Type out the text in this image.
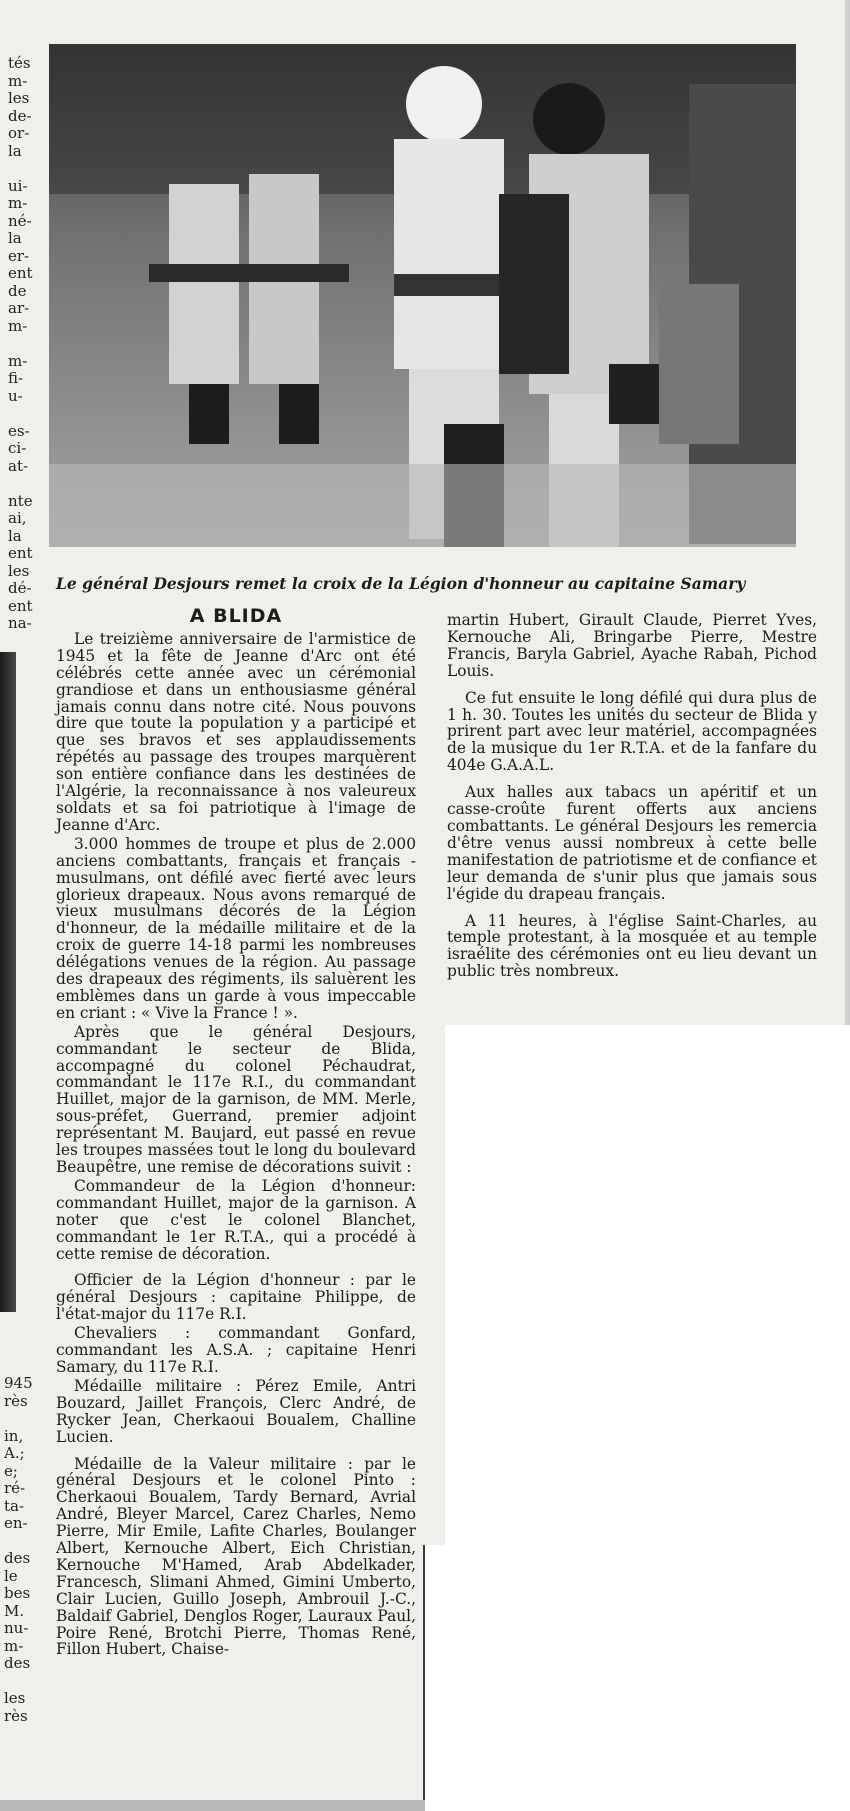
tés
m-
les
de-
or-
la

ui-
m-
né-
la
er-
ent
de
ar-
m-

m-
fi-
u-

es-
ci-
at-

nte
ai,
la
ent
les
dé-
ent
na-
945
rès

in,
A.;
e;
ré-
ta-
en-

des
le
bes
M.
nu-
m-
des

les
rès
Le général Desjours remet la croix de la Légion d'honneur au capitaine Samary
A BLIDA

Le treizième anniversaire de l'armistice de 1945 et la fête de Jeanne d'Arc ont été célébrés cette année avec un cérémonial grandiose et dans un enthousiasme général jamais connu dans notre cité. Nous pouvons dire que toute la population y a participé et que ses bravos et ses applaudissements répétés au passage des troupes marquèrent son entière confiance dans les destinées de l'Algérie, la reconnaissance à nos valeureux soldats et sa foi patriotique à l'image de Jeanne d'Arc.

3.000 hommes de troupe et plus de 2.000 anciens combattants, français et français - musulmans, ont défilé avec fierté avec leurs glorieux drapeaux. Nous avons remarqué de vieux musulmans décorés de la Légion d'honneur, de la médaille militaire et de la croix de guerre 14-18 parmi les nombreuses délégations venues de la région. Au passage des drapeaux des régiments, ils saluèrent les emblèmes dans un garde à vous impeccable en criant : « Vive la France ! ».

Après que le général Desjours, commandant le secteur de Blida, accompagné du colonel Péchaudrat, commandant le 117e R.I., du commandant Huillet, major de la garnison, de MM. Merle, sous-préfet, Guerrand, premier adjoint représentant M. Baujard, eut passé en revue les troupes massées tout le long du boulevard Beaupêtre, une remise de décorations suivit :

Commandeur de la Légion d'honneur: commandant Huillet, major de la garnison. A noter que c'est le colonel Blanchet, commandant le 1er R.T.A., qui a procédé à cette remise de décoration.

Officier de la Légion d'honneur : par le général Desjours : capitaine Philippe, de l'état-major du 117e R.I.

Chevaliers : commandant Gonfard, commandant les A.S.A. ; capitaine Henri Samary, du 117e R.I.

Médaille militaire : Pérez Emile, Antri Bouzard, Jaillet François, Clerc André, de Rycker Jean, Cherkaoui Boualem, Challine Lucien.

Médaille de la Valeur militaire : par le général Desjours et le colonel Pinto : Cherkaoui Boualem, Tardy Bernard, Avrial André, Bleyer Marcel, Carez Charles, Nemo Pierre, Mir Emile, Lafite Charles, Boulanger Albert, Kernouche Albert, Eich Christian, Kernouche M'Hamed, Arab Abdelkader, Francesch, Slimani Ahmed, Gimini Umberto, Clair Lucien, Guillo Joseph, Ambrouil J.-C., Baldaif Gabriel, Denglos Roger, Lauraux Paul, Poire René, Brotchi Pierre, Thomas René, Fillon Hubert, Chaise-

martin Hubert, Girault Claude, Pierret Yves, Kernouche Ali, Bringarbe Pierre, Mestre Francis, Baryla Gabriel, Ayache Rabah, Pichod Louis.

Ce fut ensuite le long défilé qui dura plus de 1 h. 30. Toutes les unités du secteur de Blida y prirent part avec leur matériel, accompagnées de la musique du 1er R.T.A. et de la fanfare du 404e G.A.A.L.

Aux halles aux tabacs un apéritif et un casse-croûte furent offerts aux anciens combattants. Le général Desjours les remercia d'être venus aussi nombreux à cette belle manifestation de patriotisme et de confiance et leur demanda de s'unir plus que jamais sous l'égide du drapeau français.

A 11 heures, à l'église Saint-Charles, au temple protestant, à la mosquée et au temple israélite des cérémonies ont eu lieu devant un public très nombreux.
